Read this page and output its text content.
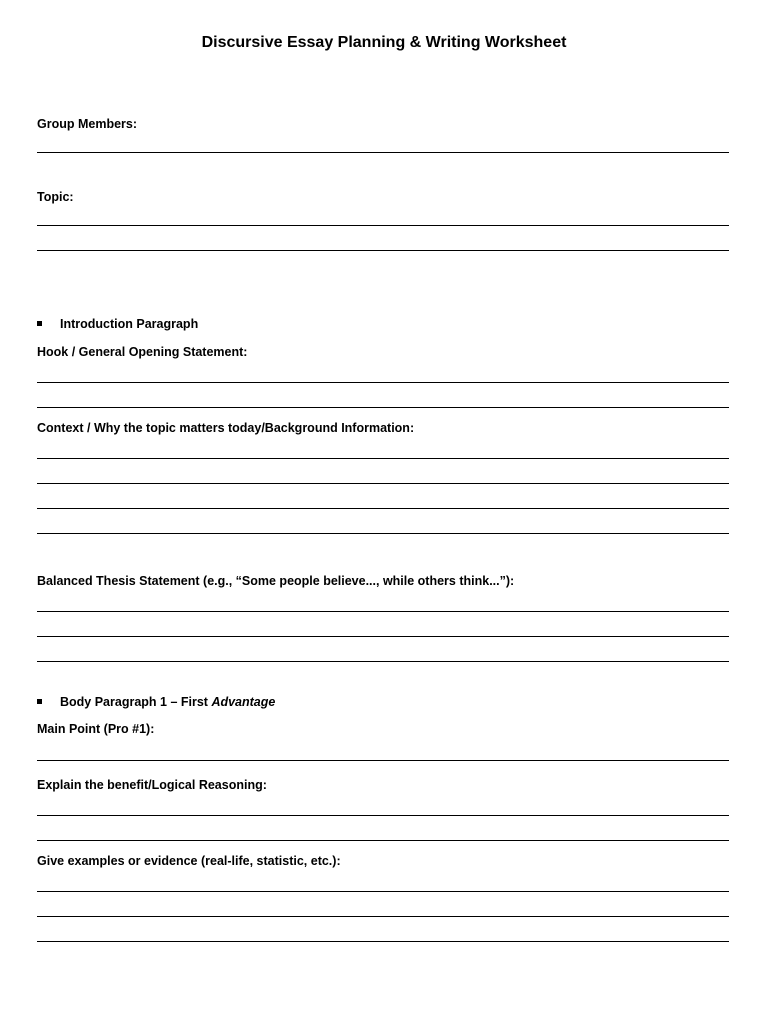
Discursive Essay Planning & Writing Worksheet
Group Members:
Topic:
Introduction Paragraph
Hook / General Opening Statement:
Context / Why the topic matters today/Background Information:
Balanced Thesis Statement (e.g., “Some people believe..., while others think...”):
Body Paragraph 1 – First Advantage
Main Point (Pro #1):
Explain the benefit/Logical Reasoning:
Give examples or evidence (real-life, statistic, etc.):
